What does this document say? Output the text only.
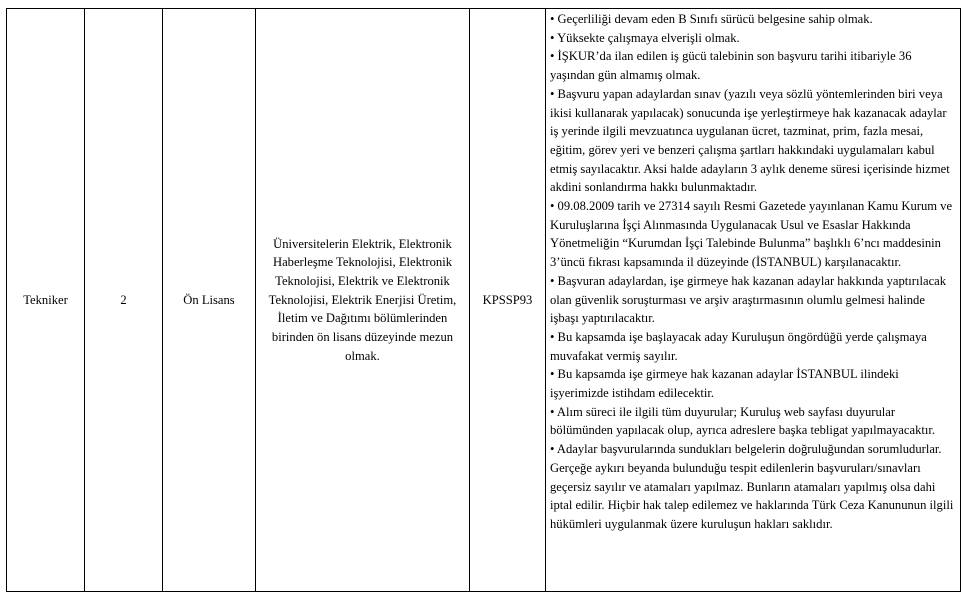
Tekniker	2	Ön Lisans	Üniversitelerin Elektrik, Elektronik Haberleşme Teknolojisi, Elektronik Teknolojisi, Elektrik ve Elektronik Teknolojisi, Elektrik Enerjisi Üretim, İletim ve Dağıtımı bölümlerinden birinden ön lisans düzeyinde mezun olmak.	KPSSP93	

• Geçerliliği devam eden B Sınıfı sürücü belgesine sahip olmak.

• Yüksekte çalışmaya elverişli olmak.

• İŞKUR’da ilan edilen iş gücü talebinin son başvuru tarihi itibariyle 36 yaşından gün almamış olmak.

• Başvuru yapan adaylardan sınav (yazılı veya sözlü yöntemlerinden biri veya ikisi kullanarak yapılacak) sonucunda işe yerleştirmeye hak kazanacak adaylar iş yerinde ilgili mevzuatınca uygulanan ücret, tazminat, prim, fazla mesai, eğitim, görev yeri ve benzeri çalışma şartları hakkındaki uygulamaları kabul etmiş sayılacaktır. Aksi halde adayların 3 aylık deneme süresi içerisinde hizmet akdini sonlandırma hakkı bulunmaktadır.

• 09.08.2009 tarih ve 27314 sayılı Resmi Gazetede yayınlanan Kamu Kurum ve Kuruluşlarına İşçi Alınmasında Uygulanacak Usul ve Esaslar Hakkında Yönetmeliğin “Kurumdan İşçi Talebinde Bulunma” başlıklı 6’ncı maddesinin 3’üncü fıkrası kapsamında il düzeyinde (İSTANBUL) karşılanacaktır.

• Başvuran adaylardan, işe girmeye hak kazanan adaylar hakkında yaptırılacak olan güvenlik soruşturması ve arşiv araştırmasının olumlu gelmesi halinde işbaşı yaptırılacaktır.

• Bu kapsamda işe başlayacak aday Kuruluşun öngördüğü yerde çalışmaya muvafakat vermiş sayılır.

• Bu kapsamda işe girmeye hak kazanan adaylar İSTANBUL ilindeki işyerimizde istihdam edilecektir.

• Alım süreci ile ilgili tüm duyurular; Kuruluş web sayfası duyurular bölümünden yapılacak olup, ayrıca adreslere başka tebligat yapılmayacaktır.

• Adaylar başvurularında sundukları belgelerin doğruluğundan sorumludurlar. Gerçeğe aykırı beyanda bulunduğu tespit edilenlerin başvuruları/sınavları geçersiz sayılır ve atamaları yapılmaz. Bunların atamaları yapılmış olsa dahi iptal edilir. Hiçbir hak talep edilemez ve haklarında Türk Ceza Kanununun ilgili hükümleri uygulanmak üzere kuruluşun hakları saklıdır.
